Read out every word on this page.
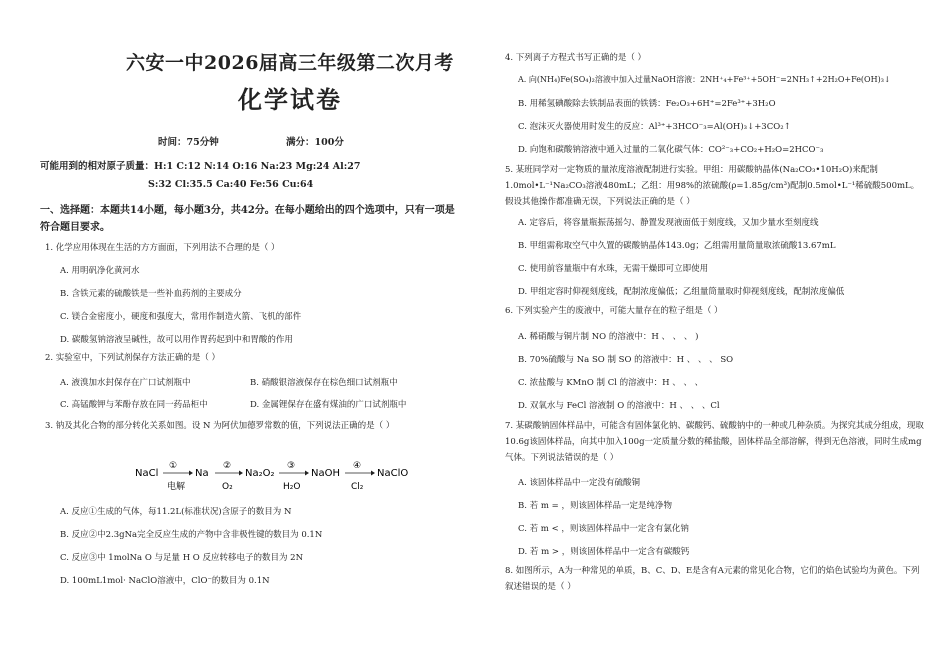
六安一中2026届高三年级第二次月考
化学试卷
时间：75分钟	满分：100分
可能用到的相对原子质量：H:1 C:12 N:14 O:16 Na:23 Mg:24 Al:27
S:32 Cl:35.5 Ca:40 Fe:56 Cu:64
一、选择题：本题共14小题，每小题3分，共42分。在每小题给出的四个选项中，只有一项是符合题目要求。
1. 化学应用体现在生活的方方面面，下列用法不合理的是（ ）
A. 用明矾净化黄河水
B. 含铁元素的硫酸铁是一些补血药剂的主要成分
C. 镁合金密度小，硬度和强度大，常用作制造火箭、飞机的部件
D. 碳酸氢钠溶液呈碱性，故可以用作胃药起到中和胃酸的作用
2. 实验室中，下列试剂保存方法正确的是（ ）
A. 液溴加水封保存在广口试剂瓶中	B. 硝酸银溶液保存在棕色细口试剂瓶中
C. 高锰酸钾与苯酚存放在同一药品柜中	D. 金属锂保存在盛有煤油的广口试剂瓶中
3. 钠及其化合物的部分转化关系如图。设 N 为阿伏加德罗常数的值，下列说法正确的是（ ）
NaCl
①
电解
Na
②
O₂
Na₂O₂
③
H₂O
NaOH
④
Cl₂
NaClO
A. 反应①生成的气体，每11.2L(标准状况)含原子的数目为 N
B. 反应②中2.3gNa完全反应生成的产物中含非极性键的数目为 0.1N
C. 反应③中 1molNa O 与足量 H O 反应转移电子的数目为 2N
D. 100mL1mol· NaClO溶液中，ClO⁻的数目为 0.1N
4. 下列离子方程式书写正确的是（ ）
A. 向(NH₄)Fe(SO₄)₂溶液中加入过量NaOH溶液：2NH⁺₄+Fe³⁺+5OH⁻=2NH₃↑+2H₂O+Fe(OH)₃↓
B. 用稀氢碘酸除去铁制品表面的铁锈：Fe₂O₃+6H⁺=2Fe³⁺+3H₂O
C. 泡沫灭火器使用时发生的反应：Al³⁺+3HCO⁻₃=Al(OH)₃↓+3CO₂↑
D. 向饱和碳酸钠溶液中通入过量的二氧化碳气体：CO²⁻₃+CO₂+H₂O=2HCO⁻₃
5. 某班同学对一定物质的量浓度溶液配制进行实验。甲组：用碳酸钠晶体(Na₂CO₃•10H₂O)来配制1.0mol•L⁻¹Na₂CO₃溶液480mL；乙组：用98%的浓硫酸(ρ=1.85g/cm³)配制0.5mol•L⁻¹稀硫酸500mL。假设其他操作都准确无误，下列说法正确的是（ ）
A. 定容后，将容量瓶振荡摇匀、静置发现液面低于刻度线，又加少量水至刻度线
B. 甲组需称取空气中久置的碳酸钠晶体143.0g；乙组需用量筒量取浓硫酸13.67mL
C. 使用前容量瓶中有水珠，无需干燥即可立即使用
D. 甲组定容时仰视刻度线，配制浓度偏低；乙组量筒量取时仰视刻度线，配制浓度偏低
6. 下列实验产生的废液中，可能大量存在的粒子组是（ ）
A. 稀硝酸与铜片制 NO 的溶液中：H 、 、 、 )
B. 70%硫酸与 Na SO 制 SO 的溶液中：H 、 、 、 SO
C. 浓盐酸与 KMnO 制 Cl 的溶液中：H 、 、 、
D. 双氧水与 FeCl 溶液制 O 的溶液中：H 、 、 、Cl
7. 某碳酸钠固体样品中，可能含有固体氯化钠、碳酸钙、硫酸钠中的一种或几种杂质。为探究其成分组成，现取10.6g该固体样品，向其中加入100g一定质量分数的稀盐酸，固体样品全部溶解，得到无色溶液，同时生成mg气体。下列说法错误的是（ ）
A. 该固体样品中一定没有硫酸铜
B. 若 m = ，则该固体样品一定是纯净物
C. 若 m < ，则该固体样品中一定含有氯化钠
D. 若 m > ，则该固体样品中一定含有碳酸钙
8. 如图所示，A为一种常见的单质，B、C、D、E是含有A元素的常见化合物，它们的焰色试验均为黄色。下列叙述错误的是（ ）
